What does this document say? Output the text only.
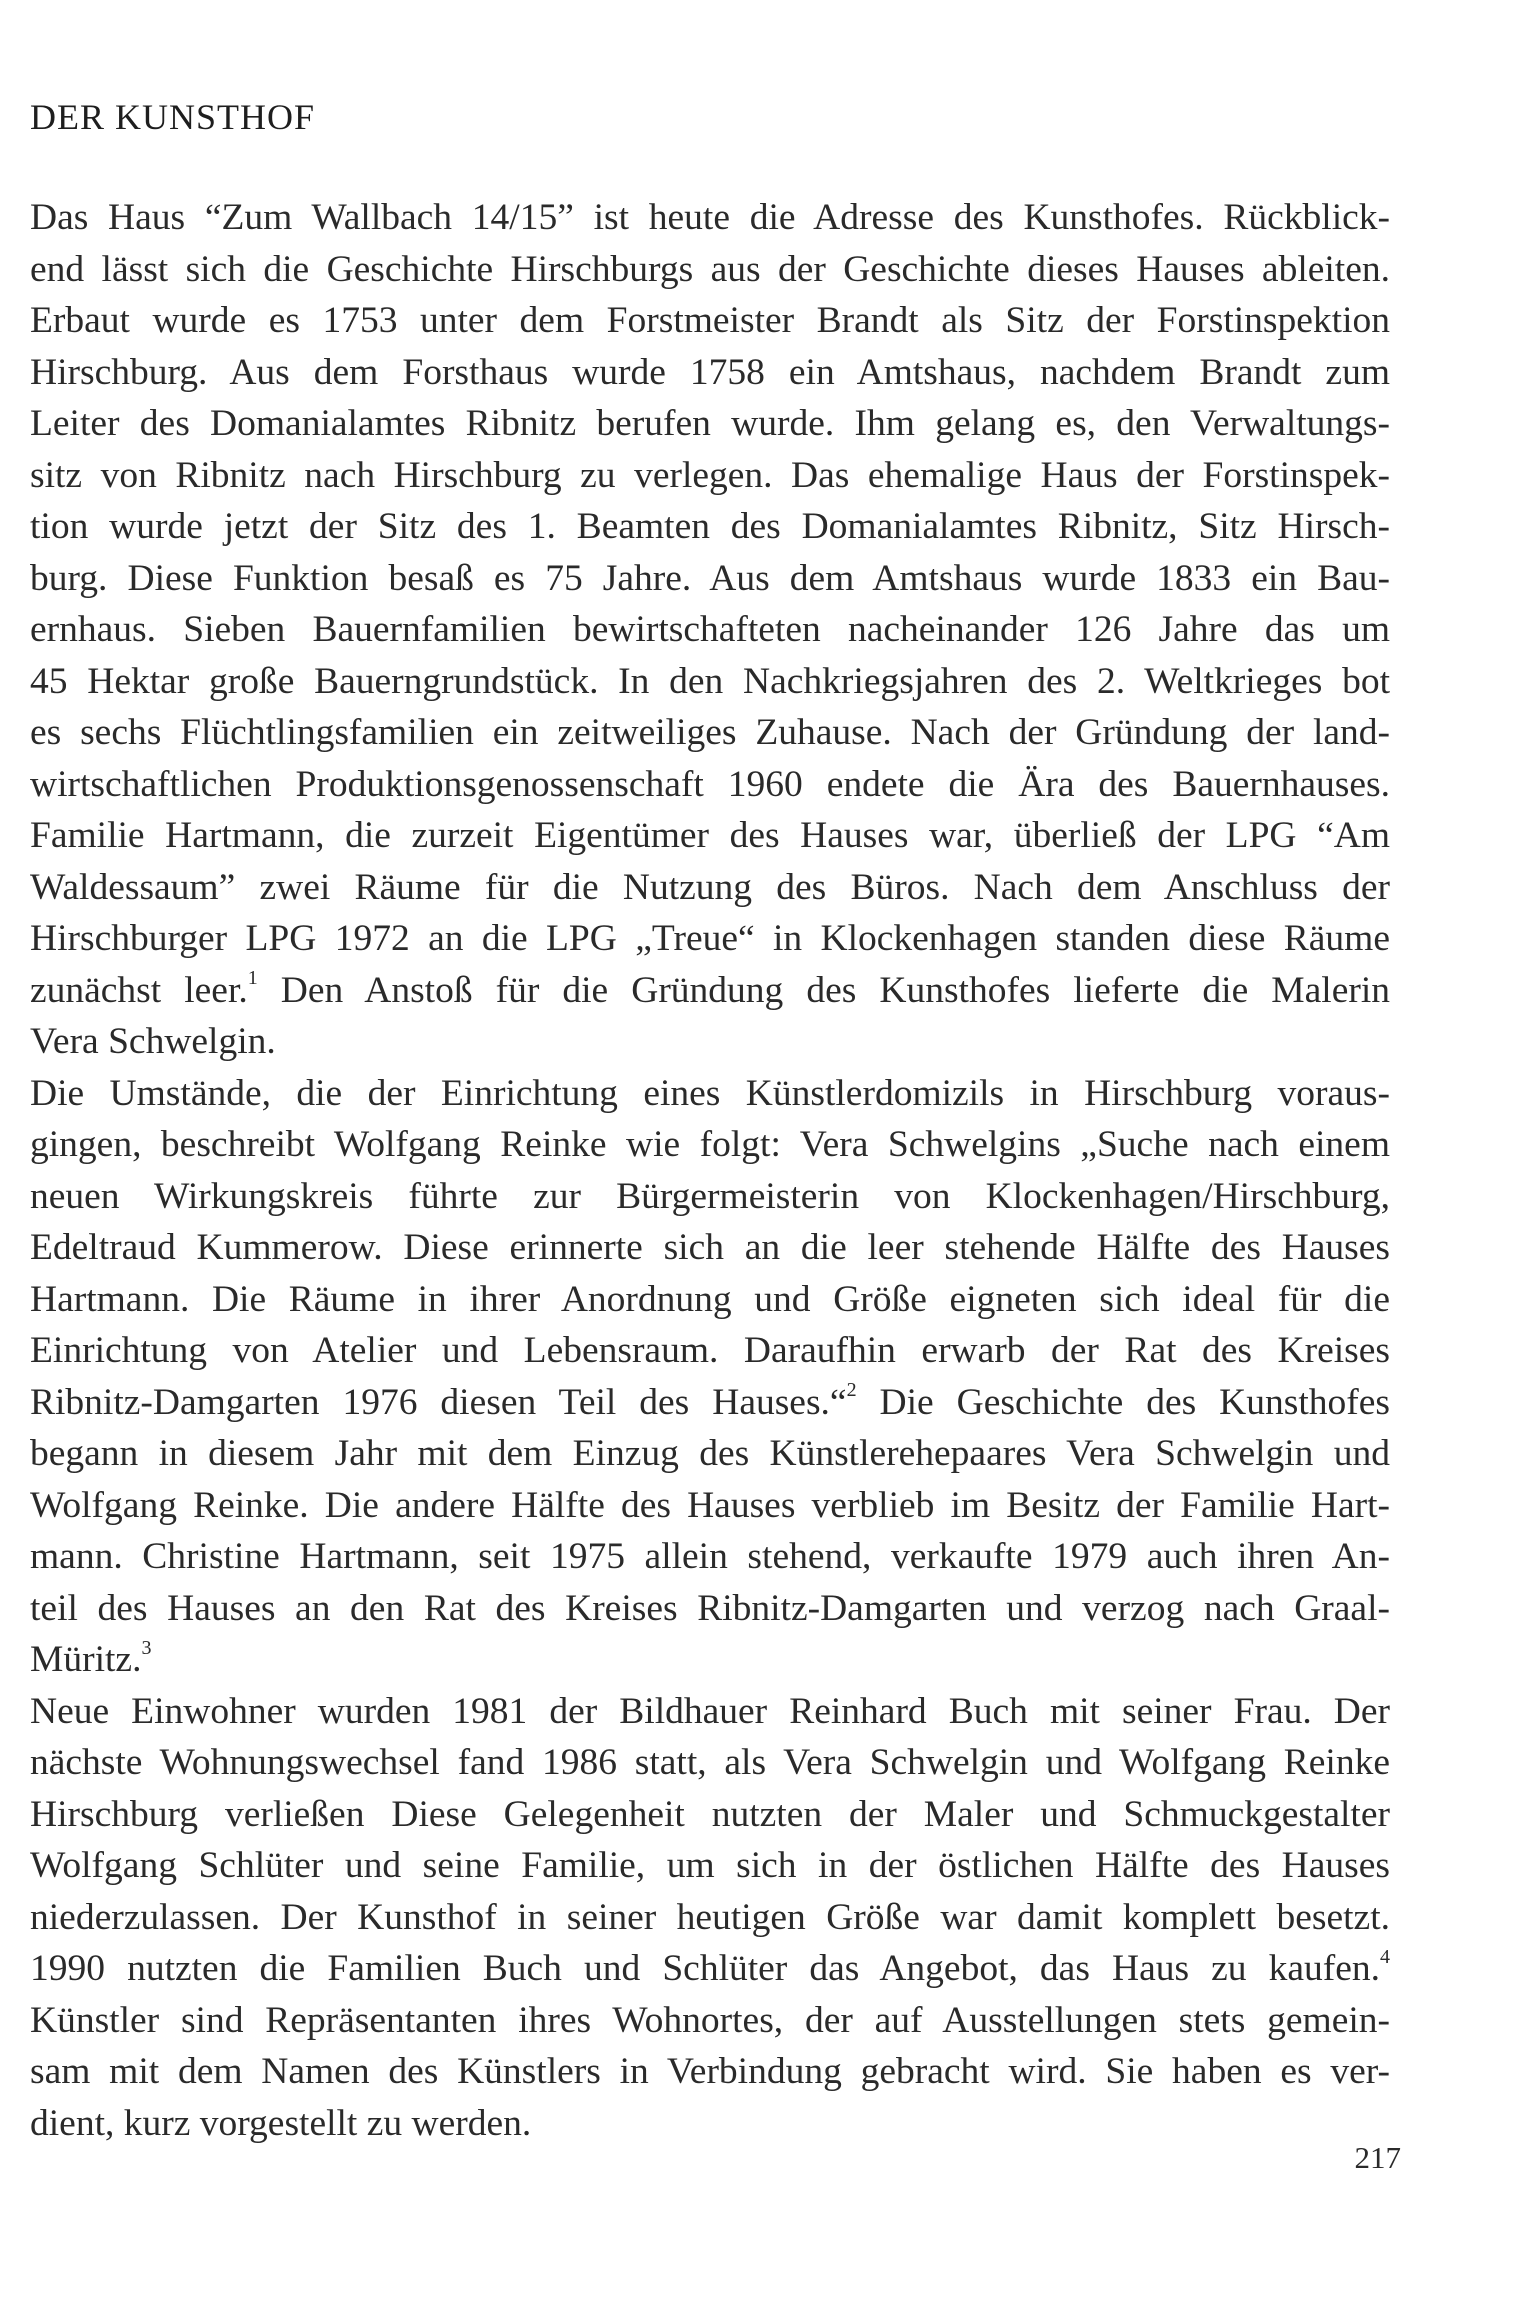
DER KUNSTHOF

Das Haus “Zum Wallbach 14/15” ist heute die Adresse des Kunsthofes. Rückblick-
end lässt sich die Geschichte Hirschburgs aus der Geschichte dieses Hauses ableiten.
Erbaut wurde es 1753 unter dem Forstmeister Brandt als Sitz der Forstinspektion
Hirschburg. Aus dem Forsthaus wurde 1758 ein Amtshaus, nachdem Brandt zum
Leiter des Domanialamtes Ribnitz berufen wurde. Ihm gelang es, den Verwaltungs-
sitz von Ribnitz nach Hirschburg zu verlegen. Das ehemalige Haus der Forstinspek-
tion wurde jetzt der Sitz des 1. Beamten des Domanialamtes Ribnitz, Sitz Hirsch-
burg. Diese Funktion besaß es 75 Jahre. Aus dem Amtshaus wurde 1833 ein Bau-
ernhaus. Sieben Bauernfamilien bewirtschafteten nacheinander 126 Jahre das um
45 Hektar große Bauerngrundstück. In den Nachkriegsjahren des 2. Weltkrieges bot
es sechs Flüchtlingsfamilien ein zeitweiliges Zuhause. Nach der Gründung der land-
wirtschaftlichen Produktionsgenossenschaft 1960 endete die Ära des Bauernhauses.
Familie Hartmann, die zurzeit Eigentümer des Hauses war, überließ der LPG “Am
Waldessaum” zwei Räume für die Nutzung des Büros. Nach dem Anschluss der
Hirschburger LPG 1972 an die LPG „Treue“ in Klockenhagen standen diese Räume
zunächst leer.$^1$ Den Anstoß für die Gründung des Kunsthofes lieferte die Malerin
Vera Schwelgin.

Die Umstände, die der Einrichtung eines Künstlerdomizils in Hirschburg voraus-
gingen, beschreibt Wolfgang Reinke wie folgt: Vera Schwelgins „Suche nach einem
neuen Wirkungskreis führte zur Bürgermeisterin von Klockenhagen/Hirschburg,
Edeltraud Kummerow. Diese erinnerte sich an die leer stehende Hälfte des Hauses
Hartmann. Die Räume in ihrer Anordnung und Größe eigneten sich ideal für die
Einrichtung von Atelier und Lebensraum. Daraufhin erwarb der Rat des Kreises
Ribnitz-Damgarten 1976 diesen Teil des Hauses.“$^2$ Die Geschichte des Kunsthofes
begann in diesem Jahr mit dem Einzug des Künstlerehepaares Vera Schwelgin und
Wolfgang Reinke. Die andere Hälfte des Hauses verblieb im Besitz der Familie Hart-
mann. Christine Hartmann, seit 1975 allein stehend, verkaufte 1979 auch ihren An-
teil des Hauses an den Rat des Kreises Ribnitz-Damgarten und verzog nach Graal-
Müritz.$^3$

Neue Einwohner wurden 1981 der Bildhauer Reinhard Buch mit seiner Frau. Der
nächste Wohnungswechsel fand 1986 statt, als Vera Schwelgin und Wolfgang Reinke
Hirschburg verließen Diese Gelegenheit nutzten der Maler und Schmuckgestalter
Wolfgang Schlüter und seine Familie, um sich in der östlichen Hälfte des Hauses
niederzulassen. Der Kunsthof in seiner heutigen Größe war damit komplett besetzt.
1990 nutzten die Familien Buch und Schlüter das Angebot, das Haus zu kaufen.$^4$
Künstler sind Repräsentanten ihres Wohnortes, der auf Ausstellungen stets gemein-
sam mit dem Namen des Künstlers in Verbindung gebracht wird. Sie haben es ver-
dient, kurz vorgestellt zu werden.

217
